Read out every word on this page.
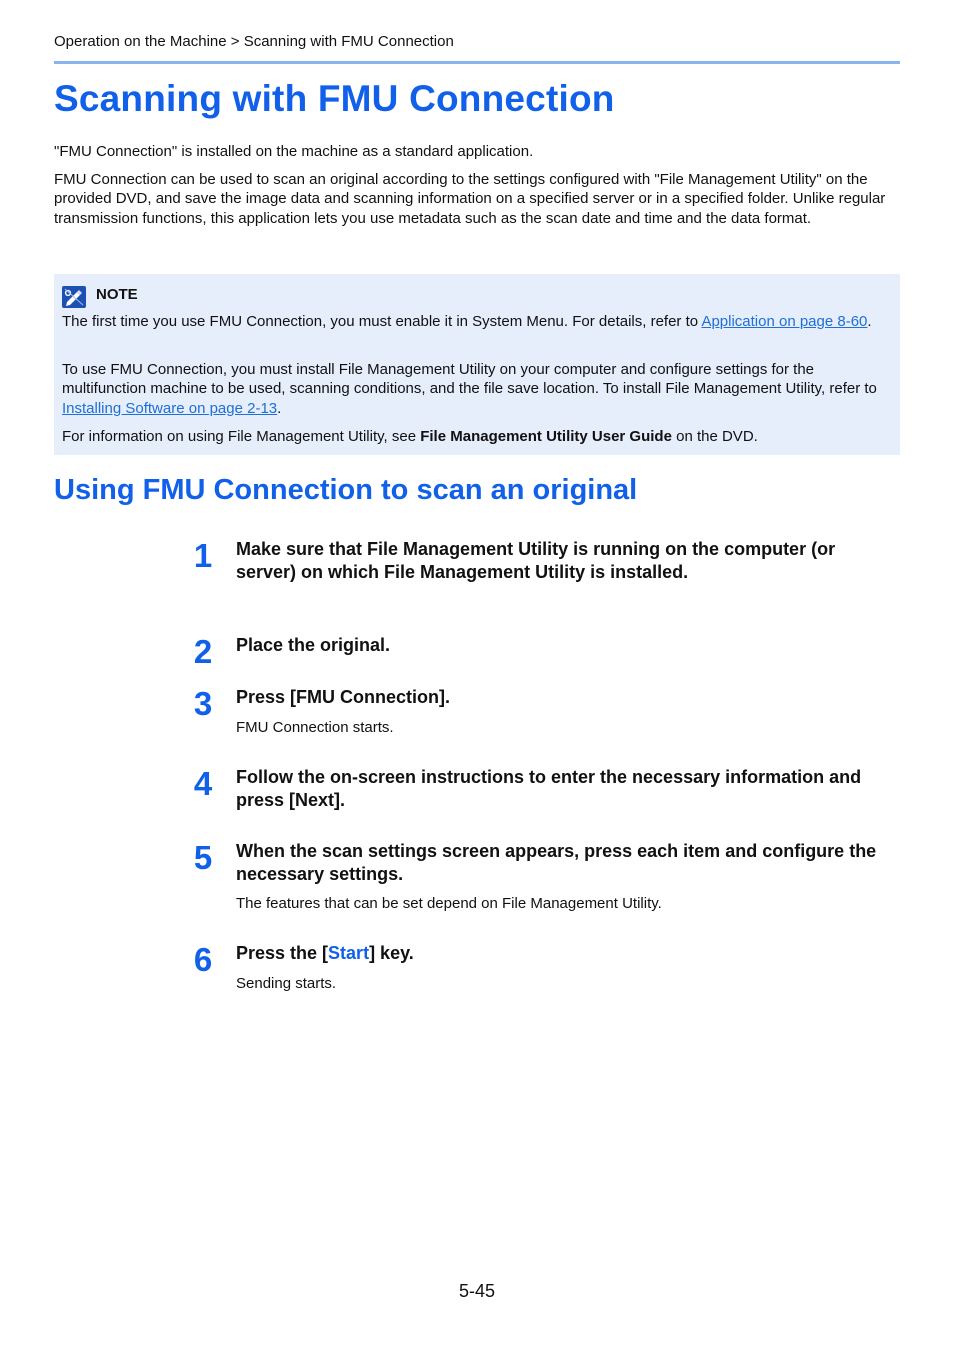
Operation on the Machine > Scanning with FMU Connection
Scanning with FMU Connection

"FMU Connection" is installed on the machine as a standard application.

FMU Connection can be used to scan an original according to the settings configured with "File Management Utility" on the provided DVD, and save the image data and scanning information on a specified server or in a specified folder. Unlike regular transmission functions, this application lets you use metadata such as the scan date and time and the data format.

NOTE

The first time you use FMU Connection, you must enable it in System Menu. For details, refer to Application on page 8-60.

To use FMU Connection, you must install File Management Utility on your computer and configure settings for the multifunction machine to be used, scanning conditions, and the file save location. To install File Management Utility, refer to Installing Software on page 2-13.

For information on using File Management Utility, see File Management Utility User Guide on the DVD.

Using FMU Connection to scan an original
1	Make sure that File Management Utility is running on the computer (or server) on which File Management Utility is installed.

2	Place the original.

3	Press [FMU Connection].

FMU Connection starts.

4	Follow the on-screen instructions to enter the necessary information and press [Next].

5	When the scan settings screen appears, press each item and configure the necessary settings.

The features that can be set depend on File Management Utility.

6	Press the [Start] key.

Sending starts.

5-45
